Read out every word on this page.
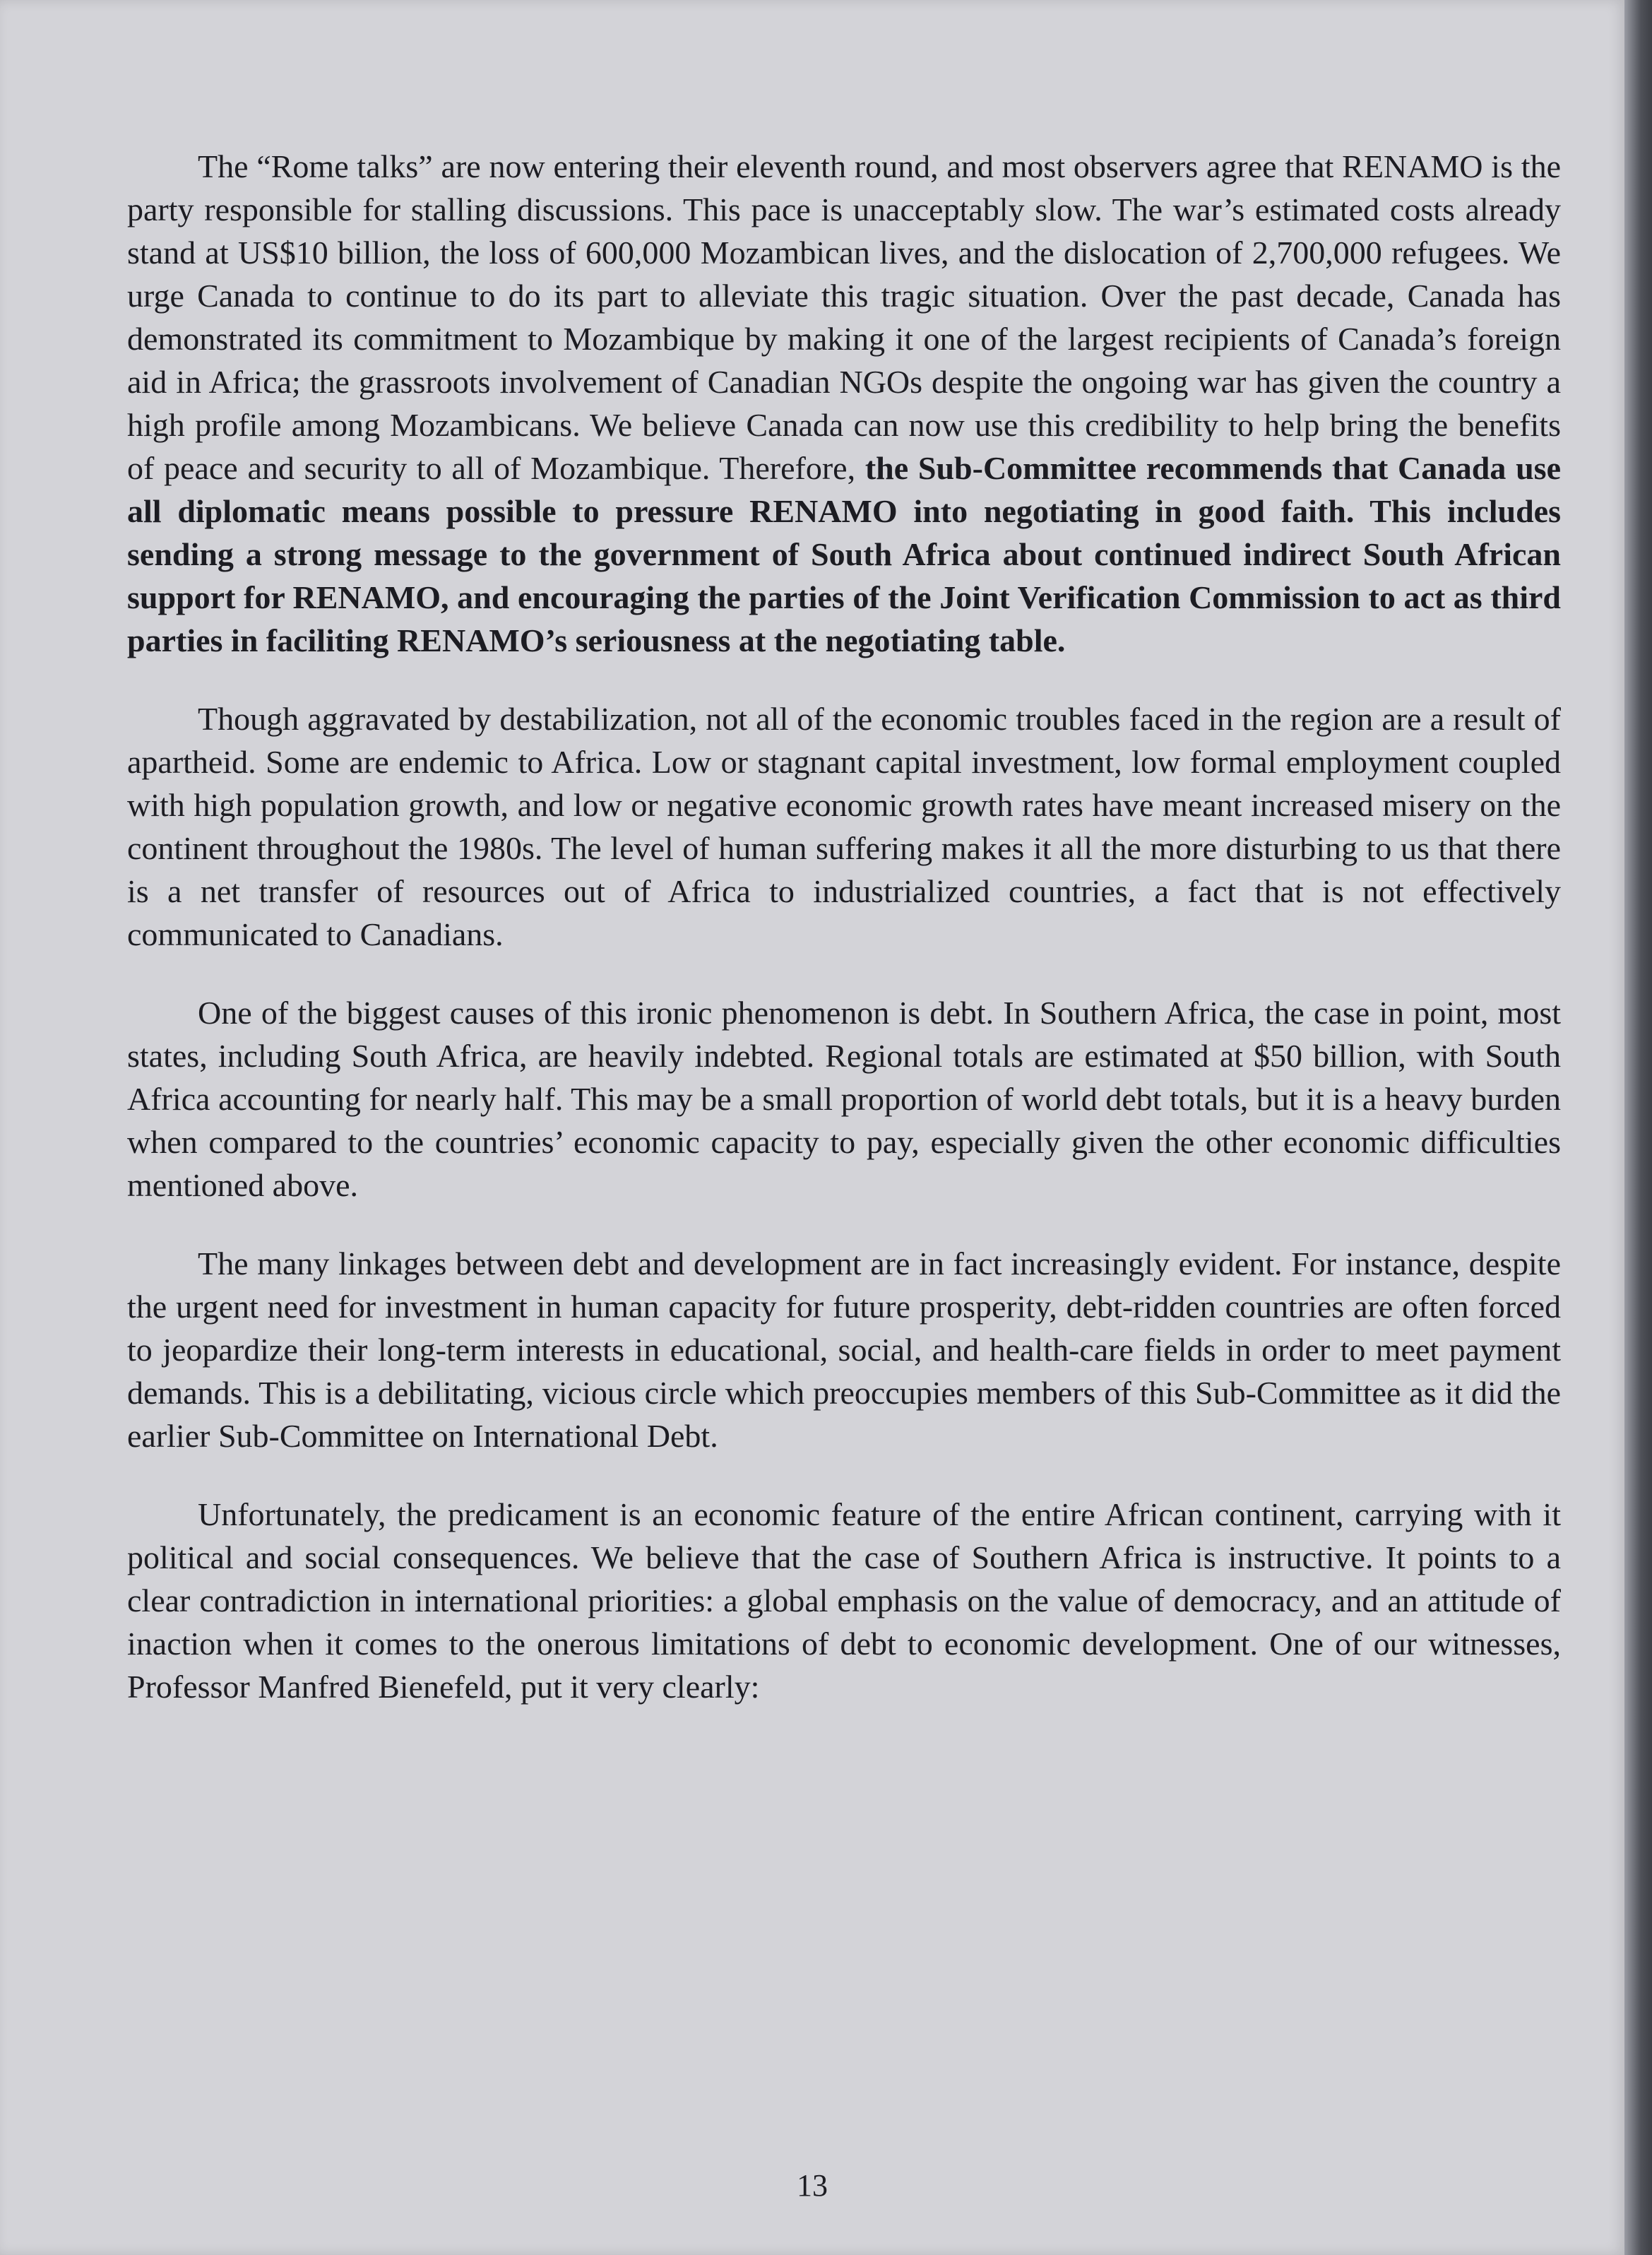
The “Rome talks” are now entering their eleventh round, and most observers agree that RENAMO is the party responsible for stalling discussions. This pace is unacceptably slow. The war’s estimated costs already stand at US$10 billion, the loss of 600,000 Mozambican lives, and the dislocation of 2,700,000 refugees. We urge Canada to continue to do its part to alleviate this tragic situation. Over the past decade, Canada has demonstrated its commitment to Mozambique by making it one of the largest recipients of Canada’s foreign aid in Africa; the grassroots involvement of Canadian NGOs despite the ongoing war has given the country a high profile among Mozambicans. We believe Canada can now use this credibility to help bring the benefits of peace and security to all of Mozambique. Therefore, the Sub-Committee recommends that Canada use all diplomatic means possible to pressure RENAMO into negotiating in good faith. This includes sending a strong message to the government of South Africa about continued indirect South African support for RENAMO, and encouraging the parties of the Joint Verification Commission to act as third parties in faciliting RENAMO’s seriousness at the negotiating table.

Though aggravated by destabilization, not all of the economic troubles faced in the region are a result of apartheid. Some are endemic to Africa. Low or stagnant capital investment, low formal employment coupled with high population growth, and low or negative economic growth rates have meant increased misery on the continent throughout the 1980s. The level of human suffering makes it all the more disturbing to us that there is a net transfer of resources out of Africa to industrialized countries, a fact that is not effectively communicated to Canadians.

One of the biggest causes of this ironic phenomenon is debt. In Southern Africa, the case in point, most states, including South Africa, are heavily indebted. Regional totals are estimated at $50 billion, with South Africa accounting for nearly half. This may be a small proportion of world debt totals, but it is a heavy burden when compared to the countries’ economic capacity to pay, especially given the other economic difficulties mentioned above.

The many linkages between debt and development are in fact increasingly evident. For instance, despite the urgent need for investment in human capacity for future prosperity, debt-ridden countries are often forced to jeopardize their long-term interests in educational, social, and health-care fields in order to meet payment demands. This is a debilitating, vicious circle which preoccupies members of this Sub-Committee as it did the earlier Sub-Committee on International Debt.

Unfortunately, the predicament is an economic feature of the entire African continent, carrying with it political and social consequences. We believe that the case of Southern Africa is instructive. It points to a clear contradiction in international priorities: a global emphasis on the value of democracy, and an attitude of inaction when it comes to the onerous limitations of debt to economic development. One of our witnesses, Professor Manfred Bienefeld, put it very clearly:

13
